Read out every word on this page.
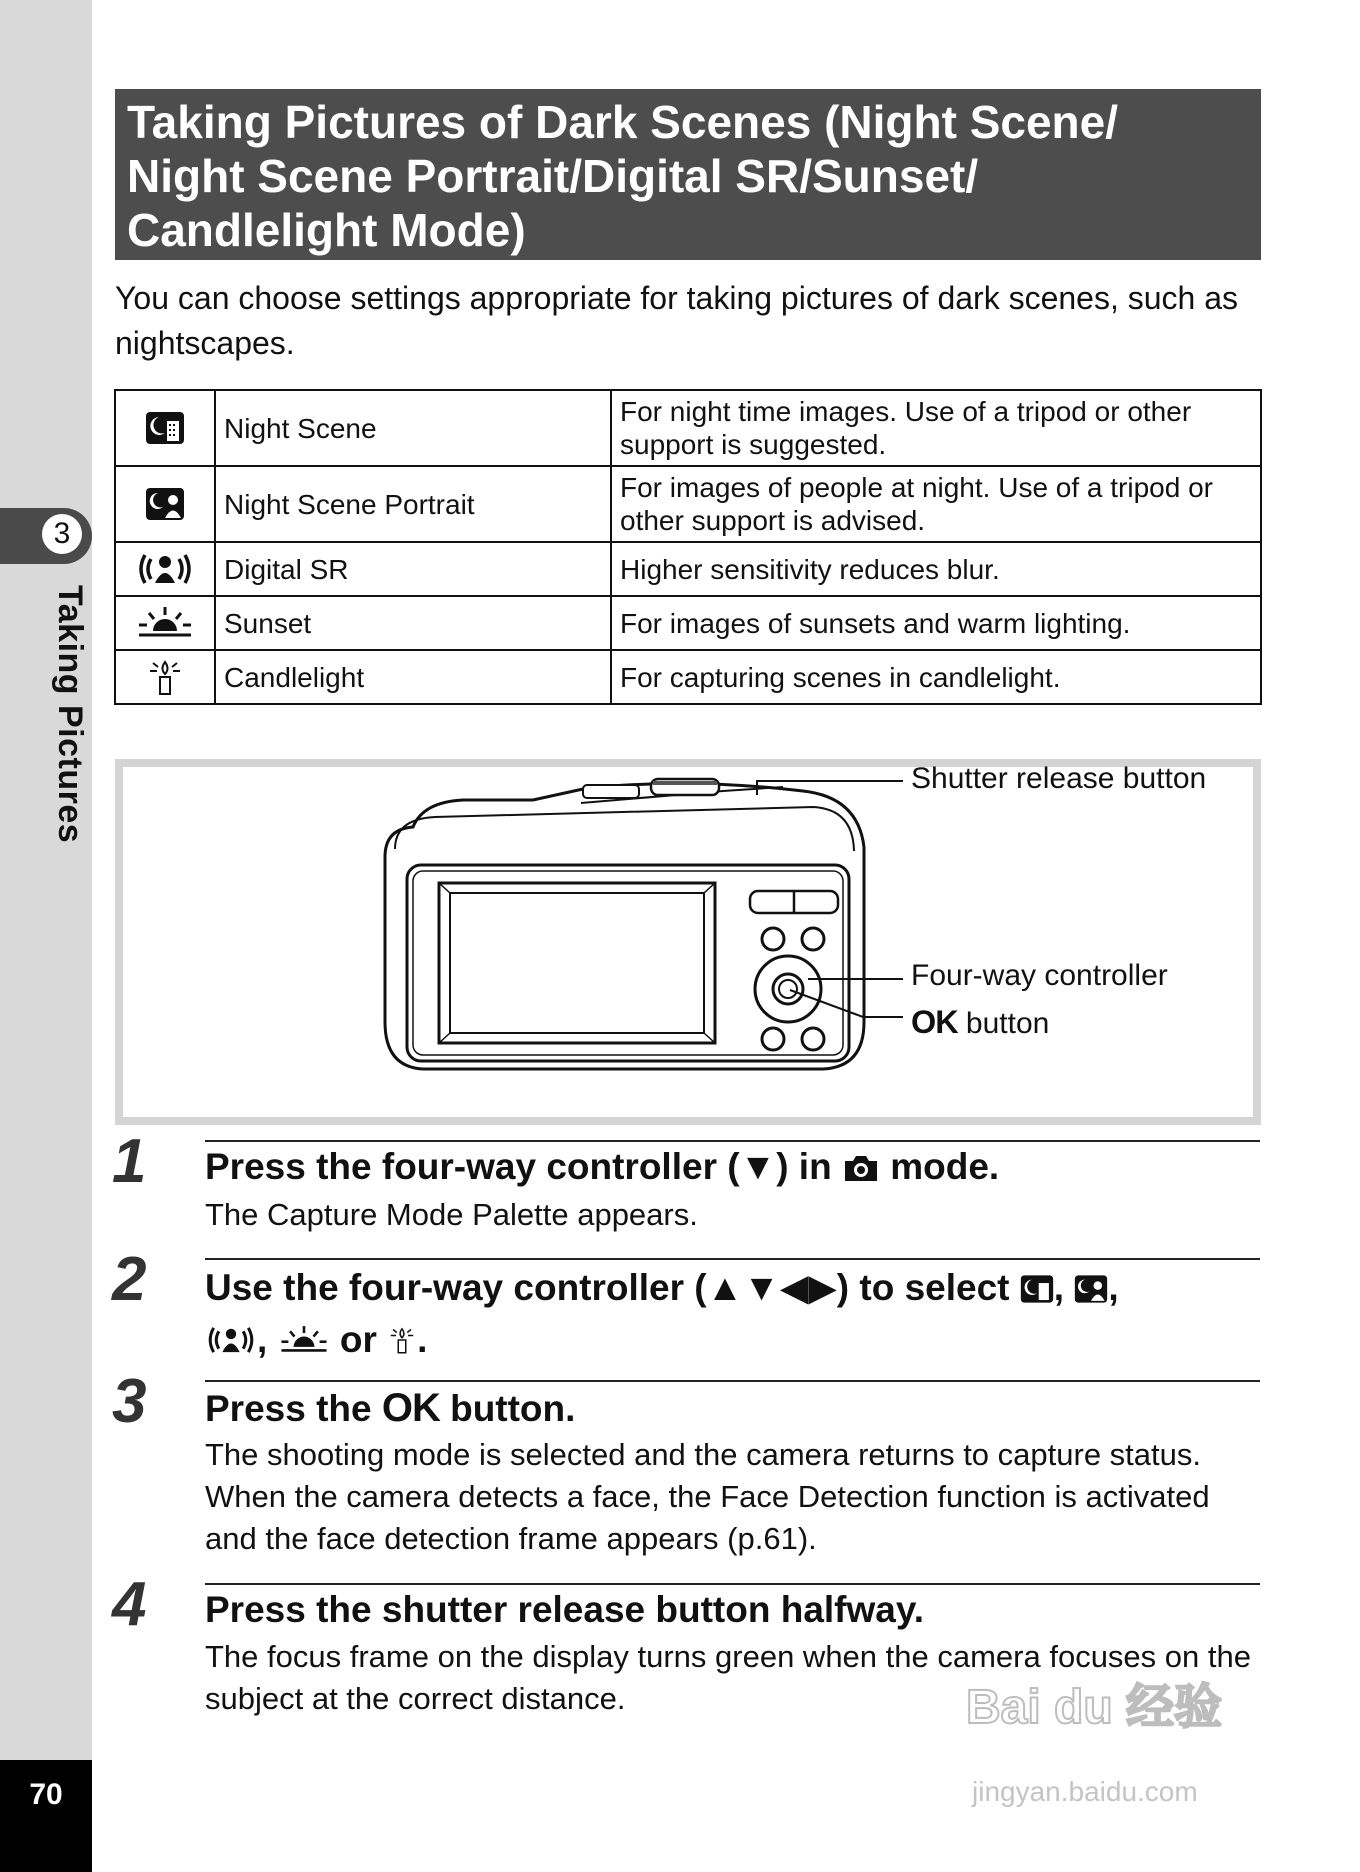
3
Taking Pictures
70
Taking Pictures of Dark Scenes (Night Scene/
Night Scene Portrait/Digital SR/Sunset/
Candlelight Mode)
You can choose settings appropriate for taking pictures of dark scenes, such as nightscapes.
	Night Scene	For night time images. Use of a tripod or other support is suggested.

	Night Scene Portrait	For images of people at night. Use of a tripod or other support is advised.

	Digital SR	Higher sensitivity reduces blur.

	Sunset	For images of sunsets and warm lighting.

	Candlelight	For capturing scenes in candlelight.
Shutter release button
Four-way controller
OK button
1 Press the four-way controller (▼) in  mode.
The Capture Mode Palette appears.
2 Use the four-way controller (▲▼◀▶) to select , ,
,  or .
3 Press the OK button.
The shooting mode is selected and the camera returns to capture status. When the camera detects a face, the Face Detection function is activated and the face detection frame appears (p.61).
4 Press the shutter release button halfway.
The focus frame on the display turns green when the camera focuses on the subject at the correct distance.	Bai du 经验
jingyan.baidu.com
